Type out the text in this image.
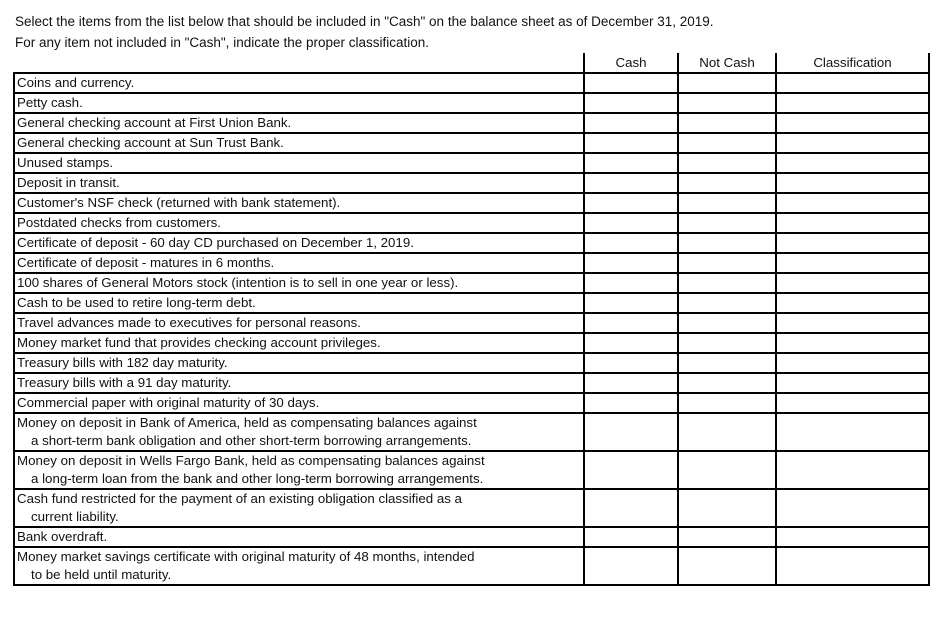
Select the items from the list below that should be included in "Cash" on the balance sheet as of December 31, 2019.
For any item not included in "Cash", indicate the proper classification.
	Cash	Not Cash	Classification
Coins and currency.			
Petty cash.			
General checking account at First Union Bank.			
General checking account at Sun Trust Bank.			
Unused stamps.			
Deposit in transit.			
Customer's NSF check (returned with bank statement).			
Postdated checks from customers.			
Certificate of deposit - 60 day CD purchased on December 1, 2019.			
Certificate of deposit - matures in 6 months.			
100 shares of General Motors stock (intention is to sell in one year or less).			
Cash to be used to retire long-term debt.			
Travel advances made to executives for personal reasons.			
Money market fund that provides checking account privileges.			
Treasury bills with 182 day maturity.			
Treasury bills with a 91 day maturity.			
Commercial paper with original maturity of 30 days.			
Money on deposit in Bank of America, held as compensating balances against
a short-term bank obligation and other short-term borrowing arrangements.			

Money on deposit in Wells Fargo Bank, held as compensating balances against
a long-term loan from the bank and other long-term borrowing arrangements.			

Cash fund restricted for the payment of an existing obligation classified as a
current liability.			

Bank overdraft.			
Money market savings certificate with original maturity of 48 months, intended
to be held until maturity.			
